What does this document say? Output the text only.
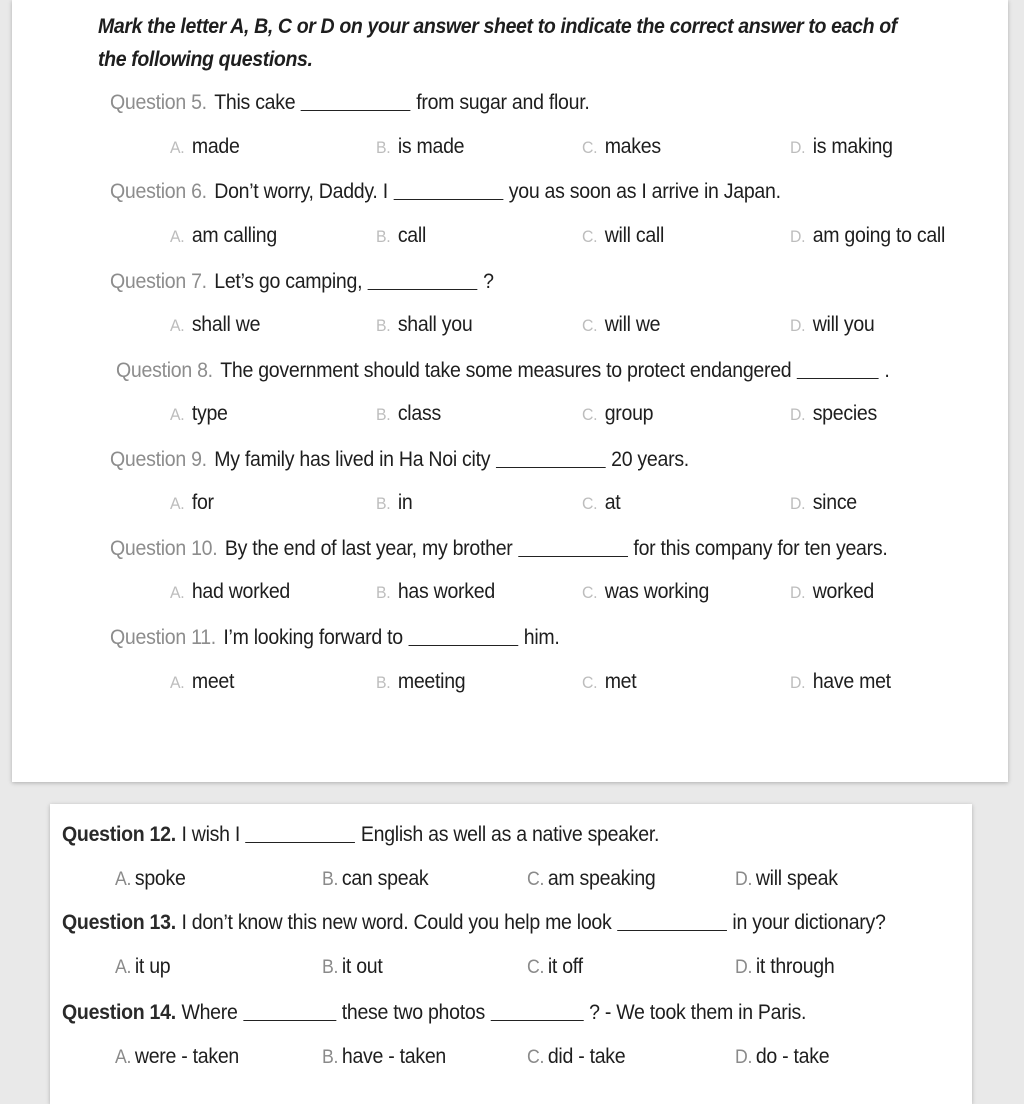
Mark the letter A, B, C or D on your answer sheet to indicate the correct answer to each of the following questions.
Question 5. This cake	from sugar and flour.
A. made	B. is made	C. makes	D. is making
Question 6. Don’t worry, Daddy. I	you as soon as I arrive in Japan.
A. am calling	B. call	C. will call	D. am going to call
Question 7. Let’s go camping,	?
A. shall we	B. shall you	C. will we	D. will you
Question 8. The government should take some measures to protect endangered	.
A. type	B. class	C. group	D. species
Question 9. My family has lived in Ha Noi city	20 years.
A. for	B. in	C. at	D. since
Question 10. By the end of last year, my brother	for this company for ten years.
A. had worked	B. has worked	C. was working	D. worked
Question 11. I’m looking forward to	him.
A. meet	B. meeting	C. met	D. have met
Question 12. I wish I	English as well as a native speaker.
A. spoke	B. can speak	C. am speaking	D. will speak
Question 13. I don’t know this new word. Could you help me look	in your dictionary?
A. it up	B. it out	C. it off	D. it through
Question 14. Where	these two photos	? - We took them in Paris.
A. were - taken	B. have - taken	C. did - take	D. do - take
